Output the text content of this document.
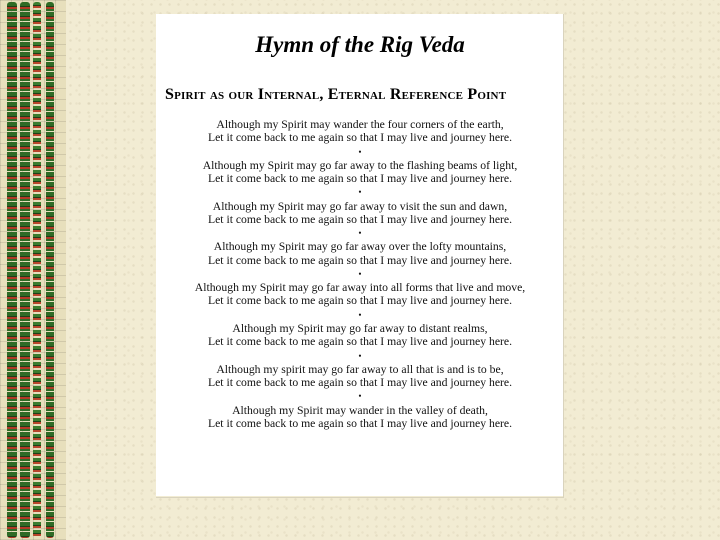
Hymn of the Rig Veda
Spirit as our Internal, Eternal Reference Point

Although my Spirit may wander the four corners of the earth,
Let it come back to me again so that I may live and journey here.

•

Although my Spirit may go far away to the flashing beams of light,
Let it come back to me again so that I may live and journey here.

•

Although my Spirit may go far away to visit the sun and dawn,
Let it come back to me again so that I may live and journey here.

•

Although my Spirit may go far away over the lofty mountains,
Let it come back to me again so that I may live and journey here.

•

Although my Spirit may go far away into all forms that live and move,
Let it come back to me again so that I may live and journey here.

•

Although my Spirit may go far away to distant realms,
Let it come back to me again so that I may live and journey here.

•

Although my spirit may go far away to all that is and is to be,
Let it come back to me again so that I may live and journey here.

•

Although my Spirit may wander in the valley of death,
Let it come back to me again so that I may live and journey here.
